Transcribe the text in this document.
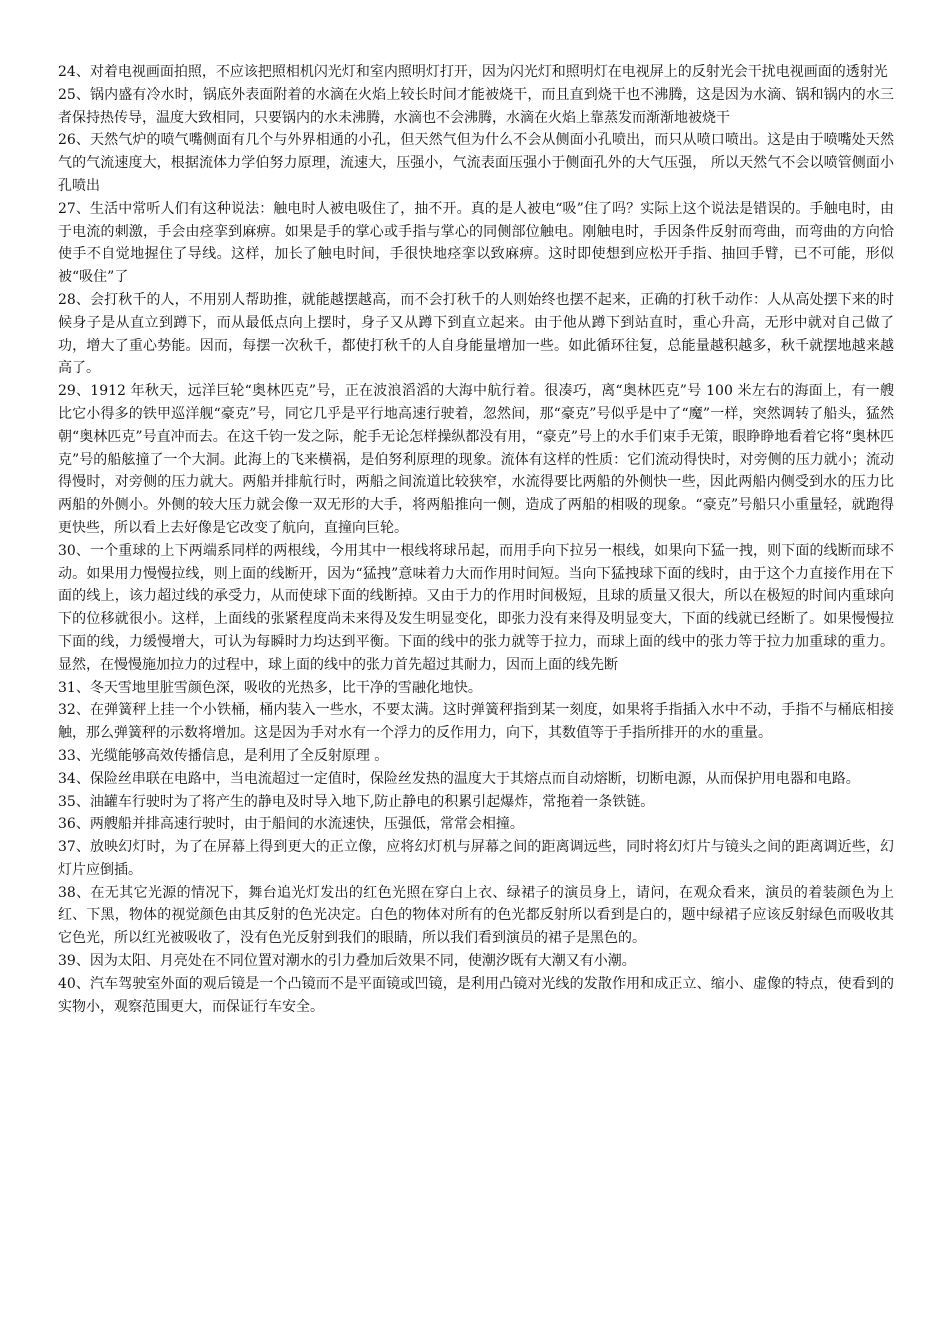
24、对着电视画面拍照，不应该把照相机闪光灯和室内照明灯打开，因为闪光灯和照明灯在电视屏上的反射光会干扰电视画面的透射光

25、锅内盛有冷水时，锅底外表面附着的水滴在火焰上较长时间才能被烧干，而且直到烧干也不沸腾，这是因为水滴、锅和锅内的水三者保持热传导，温度大致相同，只要锅内的水未沸腾，水滴也不会沸腾，水滴在火焰上靠蒸发而渐渐地被烧干

26、天然气炉的喷气嘴侧面有几个与外界相通的小孔，但天然气但为什么不会从侧面小孔喷出，而只从喷口喷出。这是由于喷嘴处天然气的气流速度大，根据流体力学伯努力原理，流速大，压强小，气流表面压强小于侧面孔外的大气压强， 所以天然气不会以喷管侧面小孔喷出

27、生活中常听人们有这种说法：触电时人被电吸住了，抽不开。真的是人被电“吸”住了吗？实际上这个说法是错误的。手触电时，由于电流的刺激，手会由痉挛到麻痹。如果是手的掌心或手指与掌心的同侧部位触电。刚触电时，手因条件反射而弯曲，而弯曲的方向恰使手不自觉地握住了导线。这样，加长了触电时间，手很快地痉挛以致麻痹。这时即使想到应松开手指、抽回手臂，已不可能，形似被“吸住”了

28、会打秋千的人，不用别人帮助推，就能越摆越高，而不会打秋千的人则始终也摆不起来，正确的打秋千动作：人从高处摆下来的时候身子是从直立到蹲下，而从最低点向上摆时，身子又从蹲下到直立起来。由于他从蹲下到站直时，重心升高，无形中就对自己做了功，增大了重心势能。因而，每摆一次秋千，都使打秋千的人自身能量增加一些。如此循环往复，总能量越积越多，秋千就摆地越来越高了。

29、1912 年秋天，远洋巨轮“奥林匹克”号，正在波浪滔滔的大海中航行着。很凑巧，离“奥林匹克”号 100 米左右的海面上，有一艘比它小得多的铁甲巡洋舰“豪克”号，同它几乎是平行地高速行驶着，忽然间，那“豪克”号似乎是中了“魔”一样，突然调转了船头，猛然朝“奥林匹克”号直冲而去。在这千钧一发之际，舵手无论怎样操纵都没有用，“豪克”号上的水手们束手无策，眼睁睁地看着它将“奥林匹克”号的船舷撞了一个大洞。此海上的飞来横祸，是伯努利原理的现象。流体有这样的性质：它们流动得快时，对旁侧的压力就小；流动得慢时，对旁侧的压力就大。两船并排航行时，两船之间流道比较狭窄，水流得要比两船的外侧快一些，因此两船内侧受到水的压力比两船的外侧小。外侧的较大压力就会像一双无形的大手，将两船推向一侧，造成了两船的相吸的现象。“豪克”号船只小重量轻，就跑得更快些，所以看上去好像是它改变了航向，直撞向巨轮。

30、一个重球的上下两端系同样的两根线，今用其中一根线将球吊起，而用手向下拉另一根线，如果向下猛一拽，则下面的线断而球不动。如果用力慢慢拉线，则上面的线断开，因为“猛拽”意味着力大而作用时间短。当向下猛拽球下面的线时，由于这个力直接作用在下面的线上，该力超过线的承受力，从而使球下面的线断掉。又由于力的作用时间极短，且球的质量又很大，所以在极短的时间内重球向下的位移就很小。这样，上面线的张紧程度尚未来得及发生明显变化，即张力没有来得及明显变大，下面的线就已经断了。如果慢慢拉下面的线，力缓慢增大，可认为每瞬时力均达到平衡。下面的线中的张力就等于拉力，而球上面的线中的张力等于拉力加重球的重力。显然，在慢慢施加拉力的过程中，球上面的线中的张力首先超过其耐力，因而上面的线先断

31、冬天雪地里脏雪颜色深，吸收的光热多，比干净的雪融化地快。

32、在弹簧秤上挂一个小铁桶，桶内装入一些水，不要太满。这时弹簧秤指到某一刻度，如果将手指插入水中不动，手指不与桶底相接触，那么弹簧秤的示数将增加。这是因为手对水有一个浮力的反作用力，向下，其数值等于手指所排开的水的重量。

33、光缆能够高效传播信息，是利用了全反射原理 。

34、保险丝串联在电路中，当电流超过一定值时，保险丝发热的温度大于其熔点而自动熔断，切断电源，从而保护用电器和电路。

35、油罐车行驶时为了将产生的静电及时导入地下,防止静电的积累引起爆炸，常拖着一条铁链。

36、两艘船并排高速行驶时，由于船间的水流速快，压强低，常常会相撞。

37、放映幻灯时，为了在屏幕上得到更大的正立像，应将幻灯机与屏幕之间的距离调远些，同时将幻灯片与镜头之间的距离调近些，幻灯片应倒插。

38、在无其它光源的情况下，舞台追光灯发出的红色光照在穿白上衣、绿裙子的演员身上，请问，在观众看来，演员的着装颜色为上红、下黑，物体的视觉颜色由其反射的色光决定。白色的物体对所有的色光都反射所以看到是白的，题中绿裙子应该反射绿色而吸收其它色光，所以红光被吸收了，没有色光反射到我们的眼睛，所以我们看到演员的裙子是黑色的。

39、因为太阳、月亮处在不同位置对潮水的引力叠加后效果不同，使潮汐既有大潮又有小潮。

40、汽车驾驶室外面的观后镜是一个凸镜而不是平面镜或凹镜，是利用凸镜对光线的发散作用和成正立、缩小、虚像的特点，使看到的实物小，观察范围更大，而保证行车安全。
